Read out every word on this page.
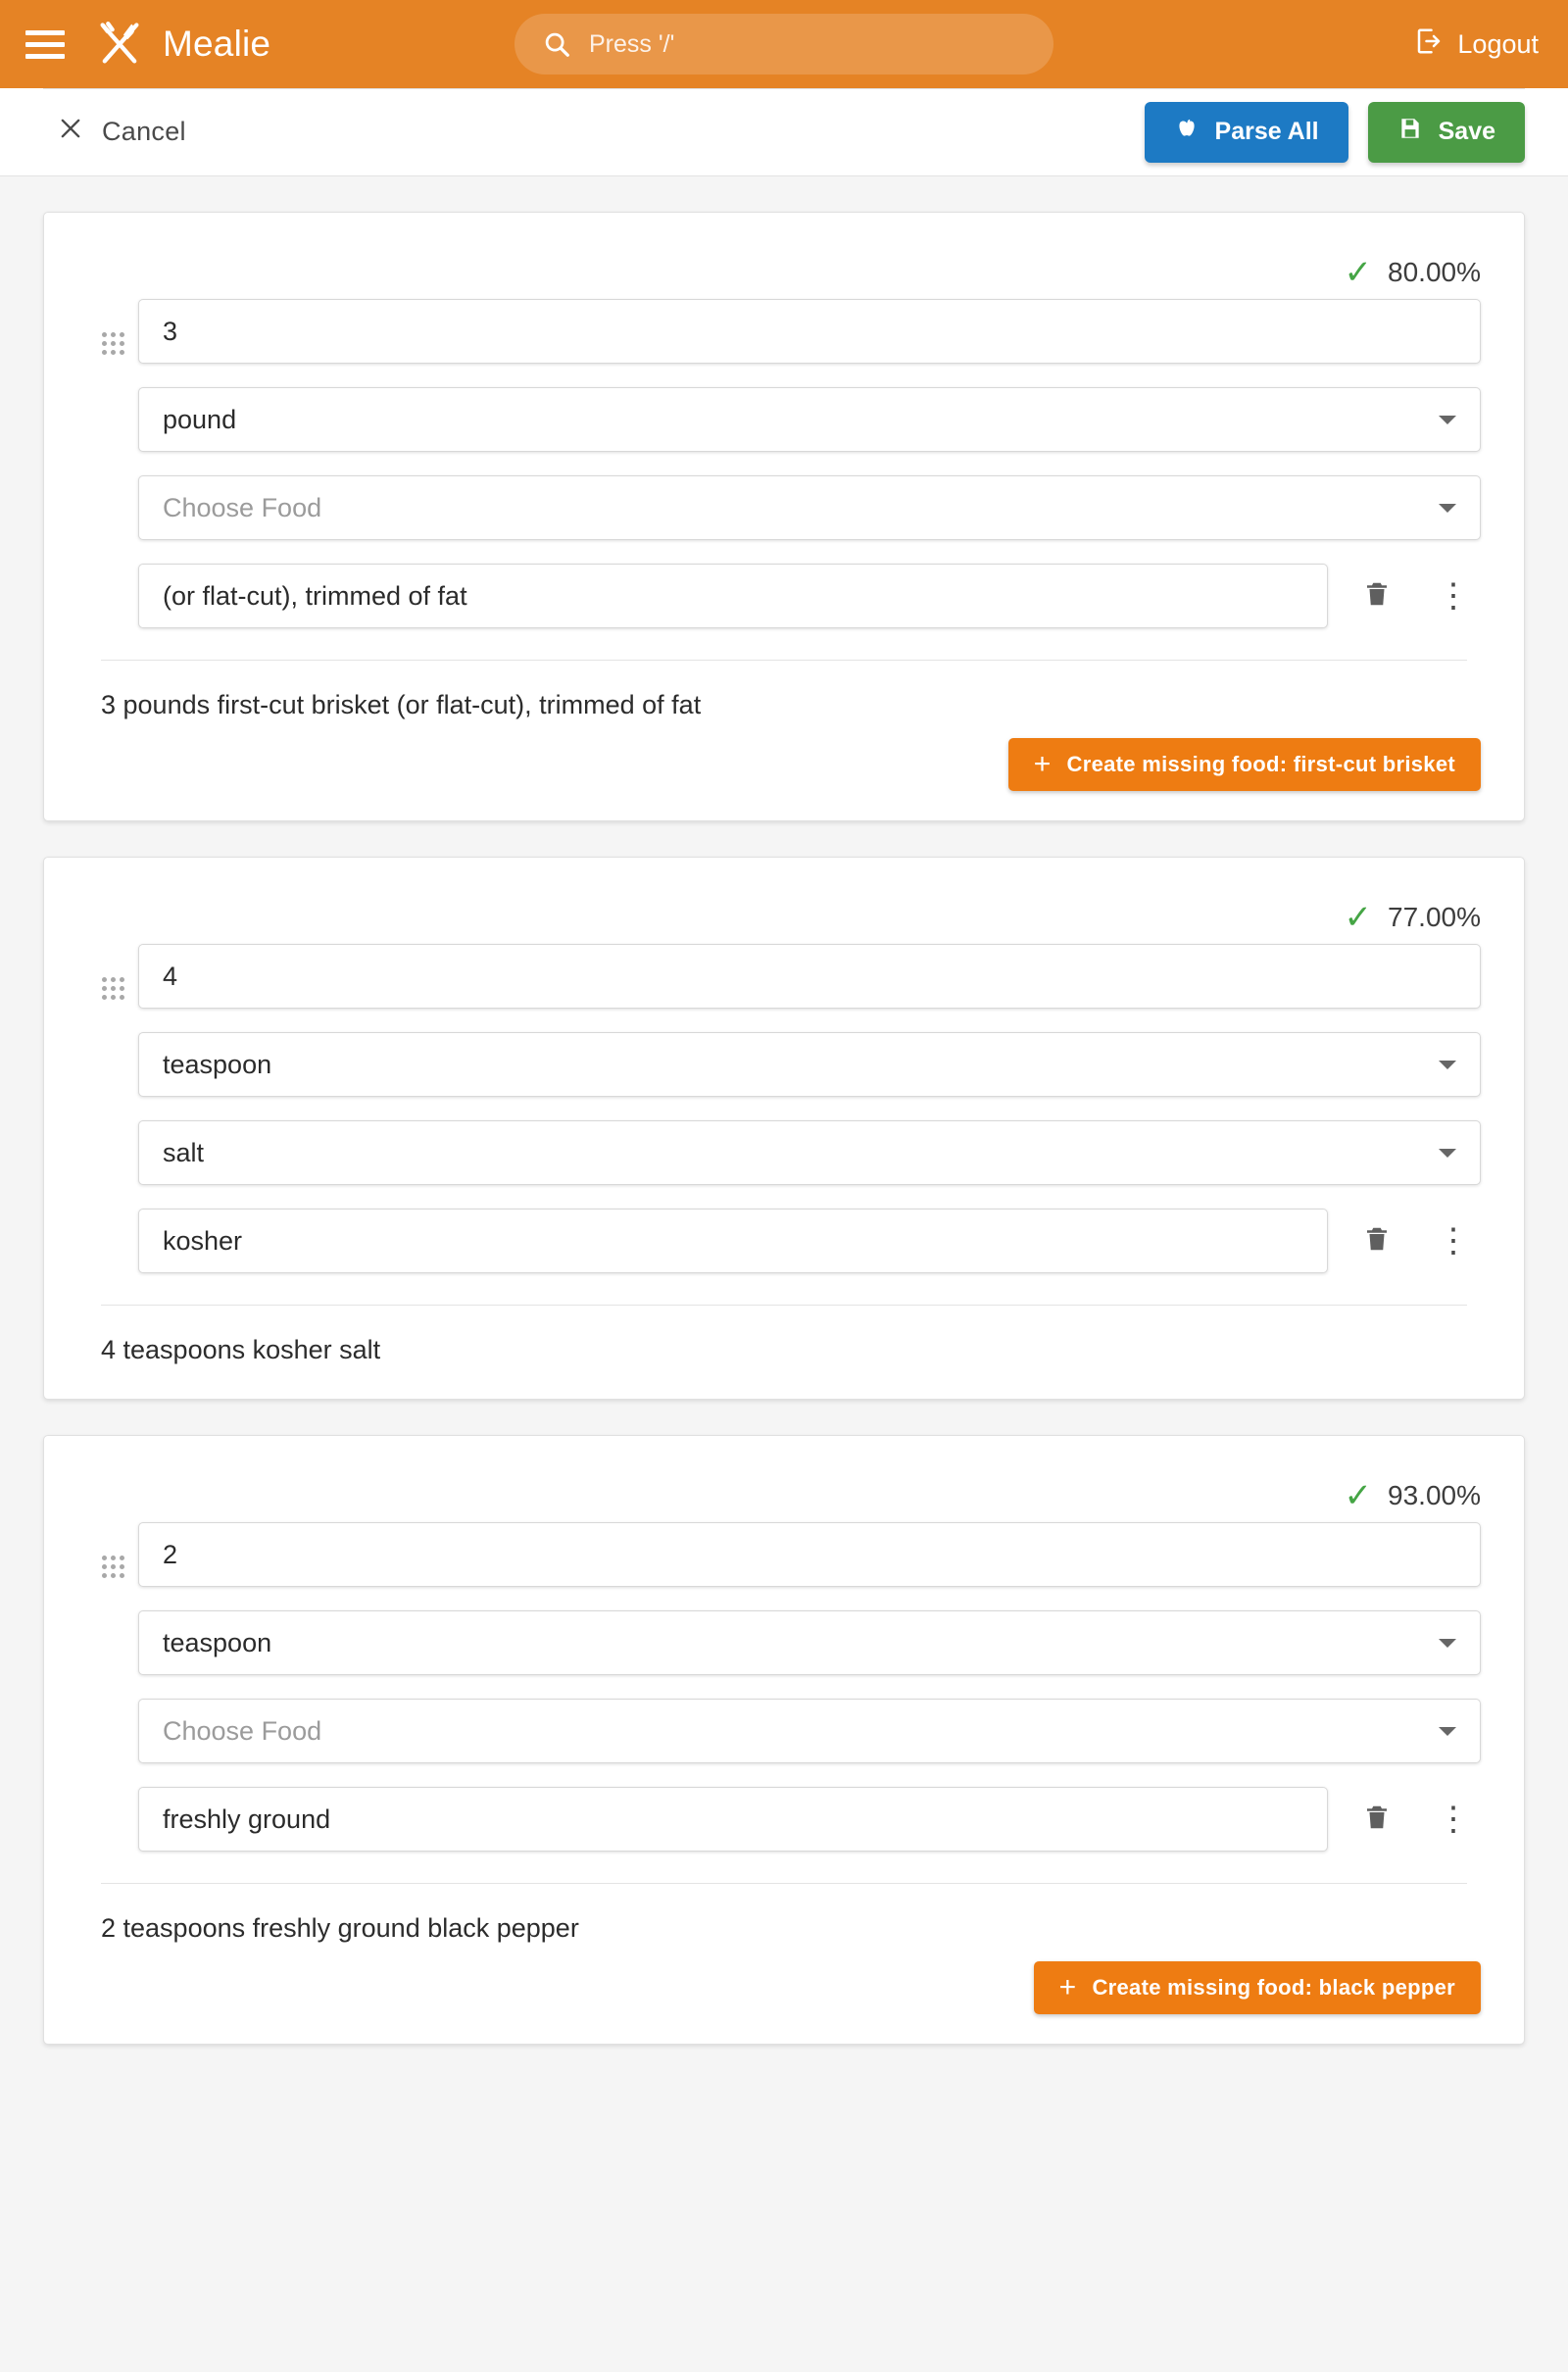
Mealie	Press '/'	Logout
Cancel	Parse All	Save
✓ 80.00%
3
pound
Choose Food
(or flat-cut), trimmed of fat	⋮
3 pounds first-cut brisket (or flat-cut), trimmed of fat
+ Create missing food: first-cut brisket
✓ 77.00%
4
teaspoon
salt
kosher	⋮
4 teaspoons kosher salt
✓ 93.00%
2
teaspoon
Choose Food
freshly ground	⋮
2 teaspoons freshly ground black pepper
+ Create missing food: black pepper
